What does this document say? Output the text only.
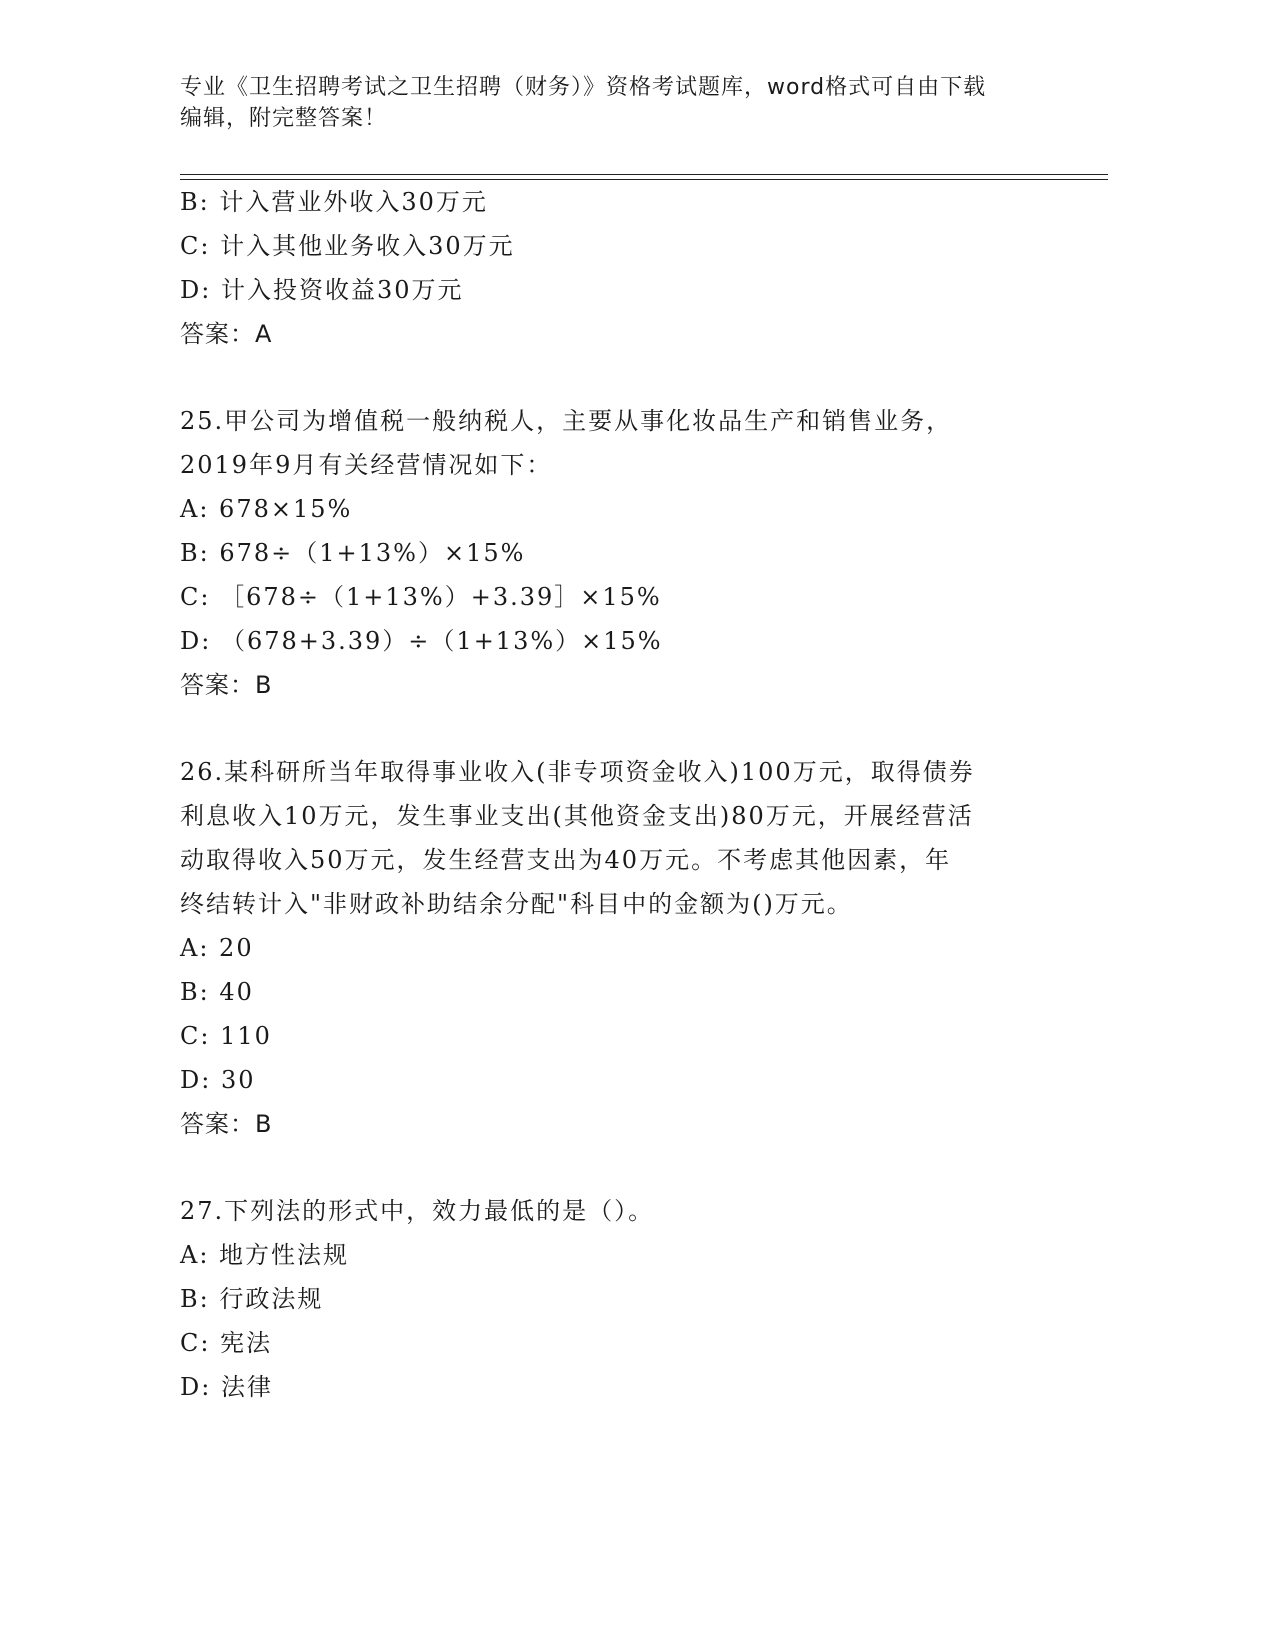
专业《卫生招聘考试之卫生招聘（财务）》资格考试题库，word格式可自由下载
编辑，附完整答案！
B: 计入营业外收入30万元
C: 计入其他业务收入30万元
D: 计入投资收益30万元
答案：A
25.甲公司为增值税一般纳税人，主要从事化妆品生产和销售业务，
2019年9月有关经营情况如下：
A: 678×15%
B: 678÷（1+13%）×15%
C: ［678÷（1+13%）+3.39］×15%
D: （678+3.39）÷（1+13%）×15%
答案：B
26.某科研所当年取得事业收入(非专项资金收入)100万元，取得债券
利息收入10万元，发生事业支出(其他资金支出)80万元，开展经营活
动取得收入50万元，发生经营支出为40万元。不考虑其他因素，年
终结转计入"非财政补助结余分配"科目中的金额为()万元。
A: 20
B: 40
C: 110
D: 30
答案：B
27.下列法的形式中，效力最低的是（）。
A: 地方性法规
B: 行政法规
C: 宪法
D: 法律
